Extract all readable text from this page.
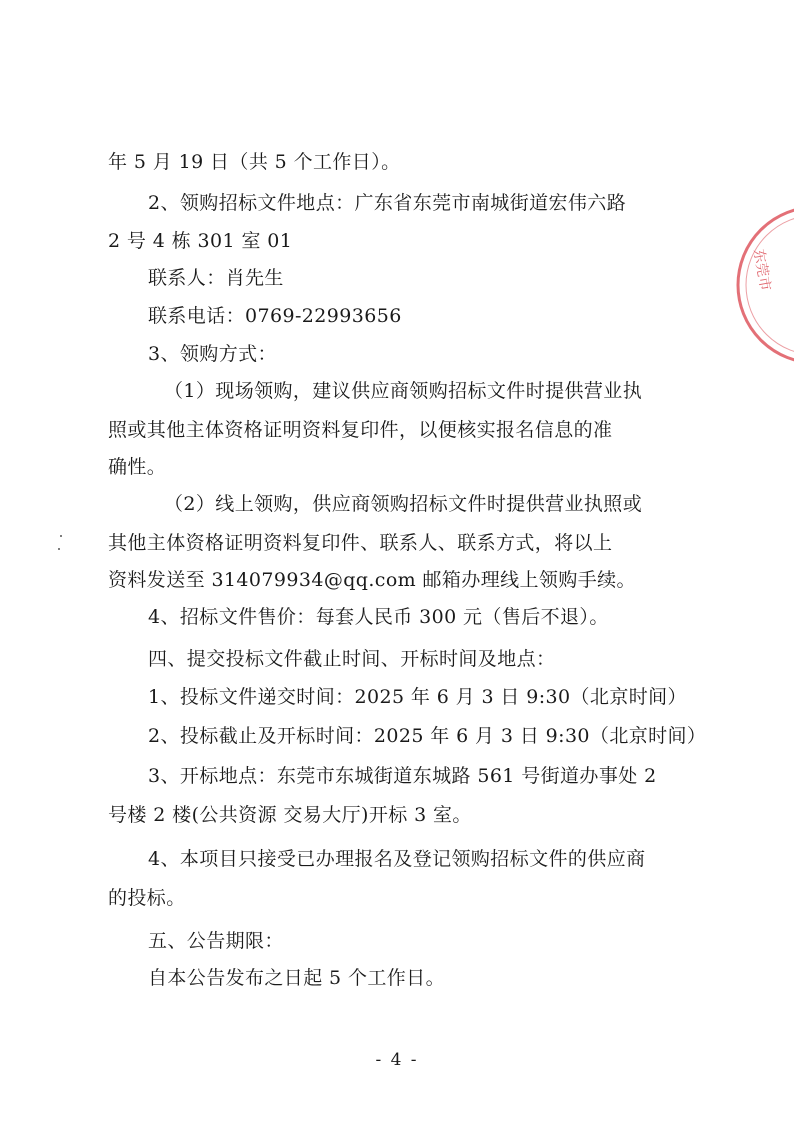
年 5 月 19 日（共 5 个工作日）。
2、领购招标文件地点：广东省东莞市南城街道宏伟六路
2 号 4 栋 301 室 01
联系人：肖先生
联系电话：0769-22993656
3、领购方式：
（1）现场领购，建议供应商领购招标文件时提供营业执
照或其他主体资格证明资料复印件，以便核实报名信息的准
确性。
（2）线上领购，供应商领购招标文件时提供营业执照或
其他主体资格证明资料复印件、联系人、联系方式，将以上
资料发送至 314079934@qq.com 邮箱办理线上领购手续。
4、招标文件售价：每套人民币 300 元（售后不退）。
四、提交投标文件截止时间、开标时间及地点：
1、投标文件递交时间：2025 年 6 月 3 日 9:30（北京时间）
2、投标截止及开标时间：2025 年 6 月 3 日 9:30（北京时间）
3、开标地点：东莞市东城街道东城路 561 号街道办事处 2
号楼 2 楼(公共资源 交易大厅)开标 3 室。
4、本项目只接受已办理报名及登记领购招标文件的供应商
的投标。
五、公告期限：
自本公告发布之日起 5 个工作日。
- 4 -
东莞市
